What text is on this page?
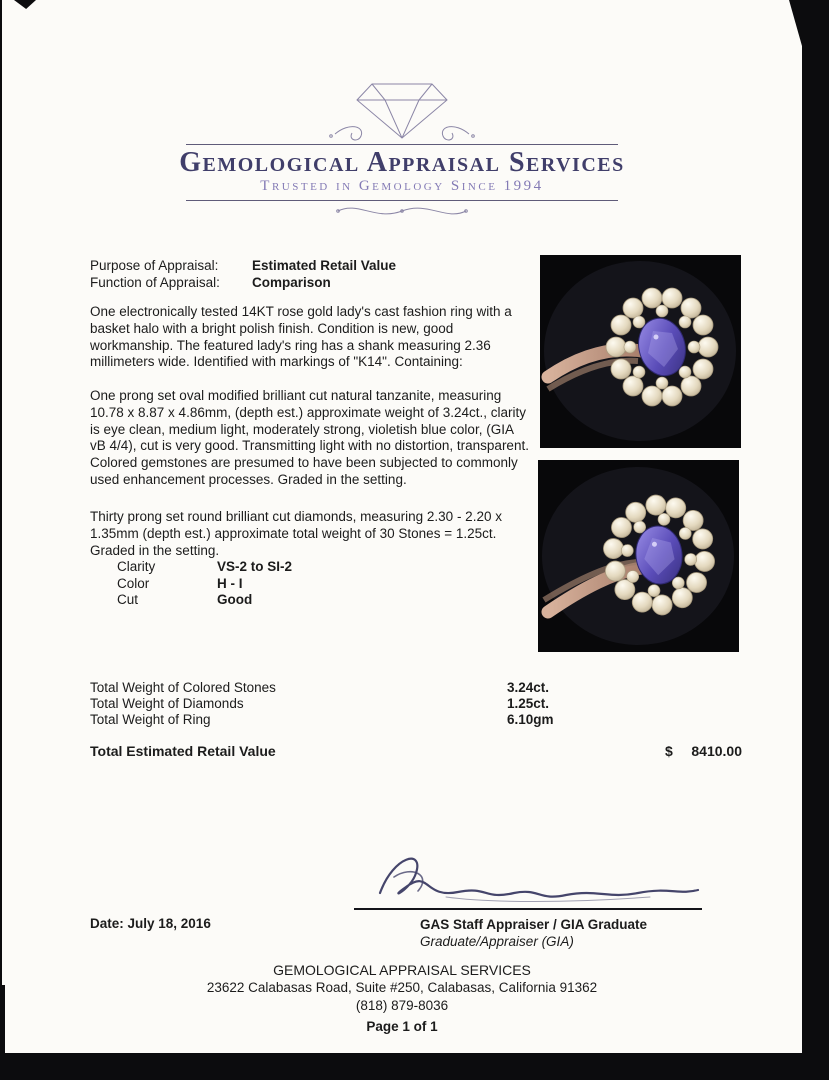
Gemological Appraisal Services
Trusted in Gemology Since 1994
Purpose of Appraisal:	Estimated Retail Value
Function of Appraisal:	Comparison
One electronically tested 14KT rose gold lady's cast fashion ring with a basket halo with a bright polish finish. Condition is new, good workmanship. The featured lady's ring has a shank measuring 2.36 millimeters wide. Identified with markings of "K14". Containing:
One prong set oval modified brilliant cut natural tanzanite, measuring 10.78 x 8.87 x 4.86mm, (depth est.) approximate weight of 3.24ct., clarity is eye clean, medium light, moderately strong, violetish blue color, (GIA vB 4/4), cut is very good. Transmitting light with no distortion, transparent. Colored gemstones are presumed to have been subjected to commonly used enhancement processes. Graded in the setting.
Thirty prong set round brilliant cut diamonds, measuring 2.30 - 2.20 x 1.35mm (depth est.) approximate total weight of 30 Stones = 1.25ct. Graded in the setting.
Clarity	VS-2 to SI-2
Color	H - I
Cut	Good
Total Weight of Colored Stones	3.24ct.
Total Weight of Diamonds	1.25ct.
Total Weight of Ring	6.10gm
Total Estimated Retail Value	$ 8410.00
Date: July 18, 2016	GAS Staff Appraiser / GIA Graduate
Graduate/Appraiser (GIA)
GEMOLOGICAL APPRAISAL SERVICES
23622 Calabasas Road, Suite #250, Calabasas, California 91362
(818) 879-8036
Page 1 of 1
